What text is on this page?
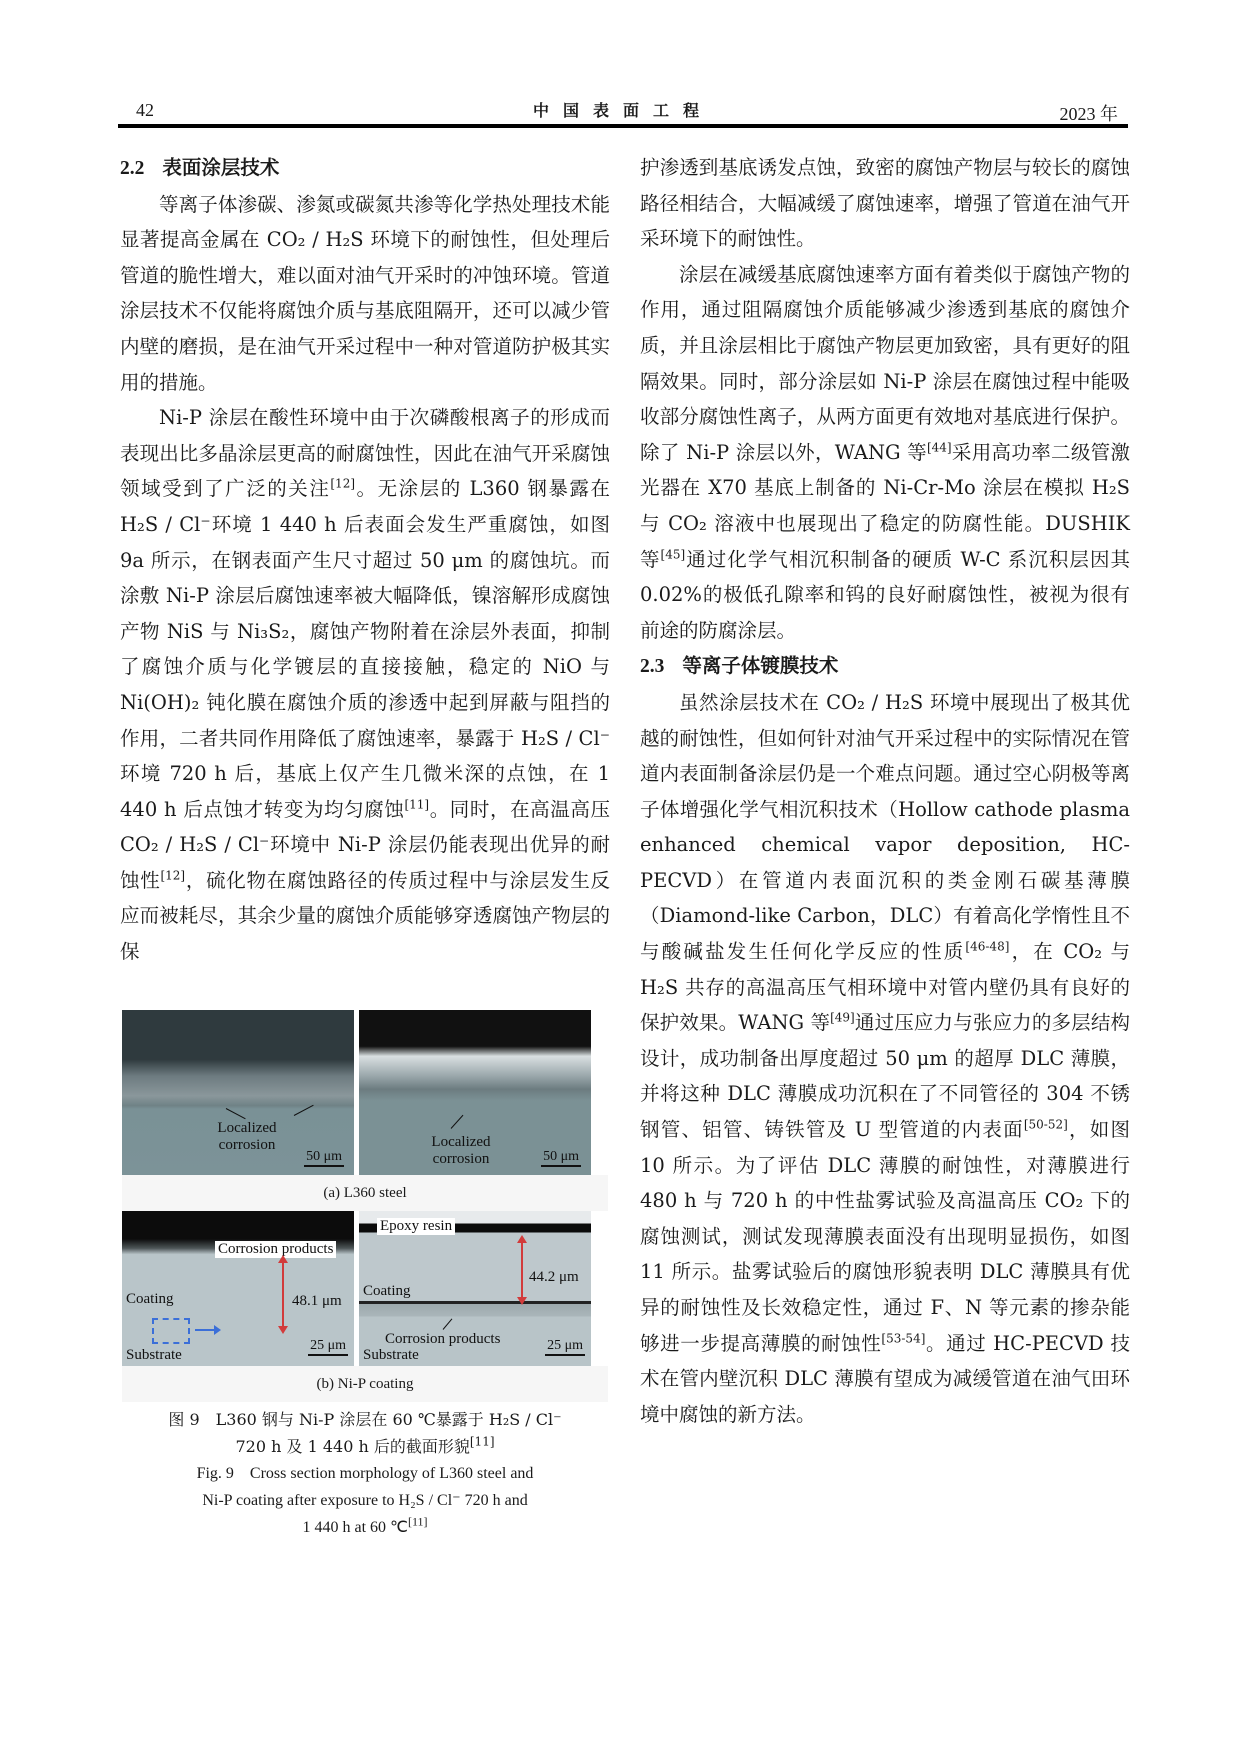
42	中国表面工程	2023 年
2.2 表面涂层技术

等离子体渗碳、渗氮或碳氮共渗等化学热处理技术能显著提高金属在 CO₂ / H₂S 环境下的耐蚀性，但处理后管道的脆性增大，难以面对油气开采时的冲蚀环境。管道涂层技术不仅能将腐蚀介质与基底阻隔开，还可以减少管内壁的磨损，是在油气开采过程中一种对管道防护极其实用的措施。

Ni-P 涂层在酸性环境中由于次磷酸根离子的形成而表现出比多晶涂层更高的耐腐蚀性，因此在油气开采腐蚀领域受到了广泛的关注[12]。无涂层的 L360 钢暴露在 H₂S / Cl⁻环境 1 440 h 后表面会发生严重腐蚀，如图 9a 所示，在钢表面产生尺寸超过 50 μm 的腐蚀坑。而涂敷 Ni-P 涂层后腐蚀速率被大幅降低，镍溶解形成腐蚀产物 NiS 与 Ni₃S₂，腐蚀产物附着在涂层外表面，抑制了腐蚀介质与化学镀层的直接接触，稳定的 NiO 与 Ni(OH)₂ 钝化膜在腐蚀介质的渗透中起到屏蔽与阻挡的作用，二者共同作用降低了腐蚀速率，暴露于 H₂S / Cl⁻环境 720 h 后，基底上仅产生几微米深的点蚀，在 1 440 h 后点蚀才转变为均匀腐蚀[11]。同时，在高温高压 CO₂ / H₂S / Cl⁻环境中 Ni-P 涂层仍能表现出优异的耐蚀性[12]，硫化物在腐蚀路径的传质过程中与涂层发生反应而被耗尽，其余少量的腐蚀介质能够穿透腐蚀产物层的保

Localized corrosion
50 μm
Localized corrosion	50 μm
(a) L360 steel
Corrosion products
Coating	48.1 μm
Substrate
25 μm
Epoxy resin
Coating
44.2 μm
Corrosion products
Substrate
25 μm
(b) Ni-P coating
图 9　L360 钢与 Ni-P 涂层在 60 ℃暴露于 H₂S / Cl⁻
720 h 及 1 440 h 后的截面形貌[11]
Fig. 9　Cross section morphology of L360 steel and
Ni-P coating after exposure to H₂S / Cl⁻ 720 h and
1 440 h at 60 ℃[11]

护渗透到基底诱发点蚀，致密的腐蚀产物层与较长的腐蚀路径相结合，大幅减缓了腐蚀速率，增强了管道在油气开采环境下的耐蚀性。

涂层在减缓基底腐蚀速率方面有着类似于腐蚀产物的作用，通过阻隔腐蚀介质能够减少渗透到基底的腐蚀介质，并且涂层相比于腐蚀产物层更加致密，具有更好的阻隔效果。同时，部分涂层如 Ni-P 涂层在腐蚀过程中能吸收部分腐蚀性离子，从两方面更有效地对基底进行保护。除了 Ni-P 涂层以外，WANG 等[44]采用高功率二级管激光器在 X70 基底上制备的 Ni-Cr-Mo 涂层在模拟 H₂S 与 CO₂ 溶液中也展现出了稳定的防腐性能。DUSHIK 等[45]通过化学气相沉积制备的硬质 W-C 系沉积层因其 0.02%的极低孔隙率和钨的良好耐腐蚀性，被视为很有前途的防腐涂层。

2.3 等离子体镀膜技术

虽然涂层技术在 CO₂ / H₂S 环境中展现出了极其优越的耐蚀性，但如何针对油气开采过程中的实际情况在管道内表面制备涂层仍是一个难点问题。通过空心阴极等离子体增强化学气相沉积技术（Hollow cathode plasma enhanced chemical vapor deposition, HC-PECVD）在管道内表面沉积的类金刚石碳基薄膜（Diamond-like Carbon，DLC）有着高化学惰性且不与酸碱盐发生任何化学反应的性质[46-48]，在 CO₂ 与 H₂S 共存的高温高压气相环境中对管内壁仍具有良好的保护效果。WANG 等[49]通过压应力与张应力的多层结构设计，成功制备出厚度超过 50 μm 的超厚 DLC 薄膜，并将这种 DLC 薄膜成功沉积在了不同管径的 304 不锈钢管、铝管、铸铁管及 U 型管道的内表面[50-52]，如图 10 所示。为了评估 DLC 薄膜的耐蚀性，对薄膜进行 480 h 与 720 h 的中性盐雾试验及高温高压 CO₂ 下的腐蚀测试，测试发现薄膜表面没有出现明显损伤，如图 11 所示。盐雾试验后的腐蚀形貌表明 DLC 薄膜具有优异的耐蚀性及长效稳定性，通过 F、N 等元素的掺杂能够进一步提高薄膜的耐蚀性[53-54]。通过 HC-PECVD 技术在管内壁沉积 DLC 薄膜有望成为减缓管道在油气田环境中腐蚀的新方法。
